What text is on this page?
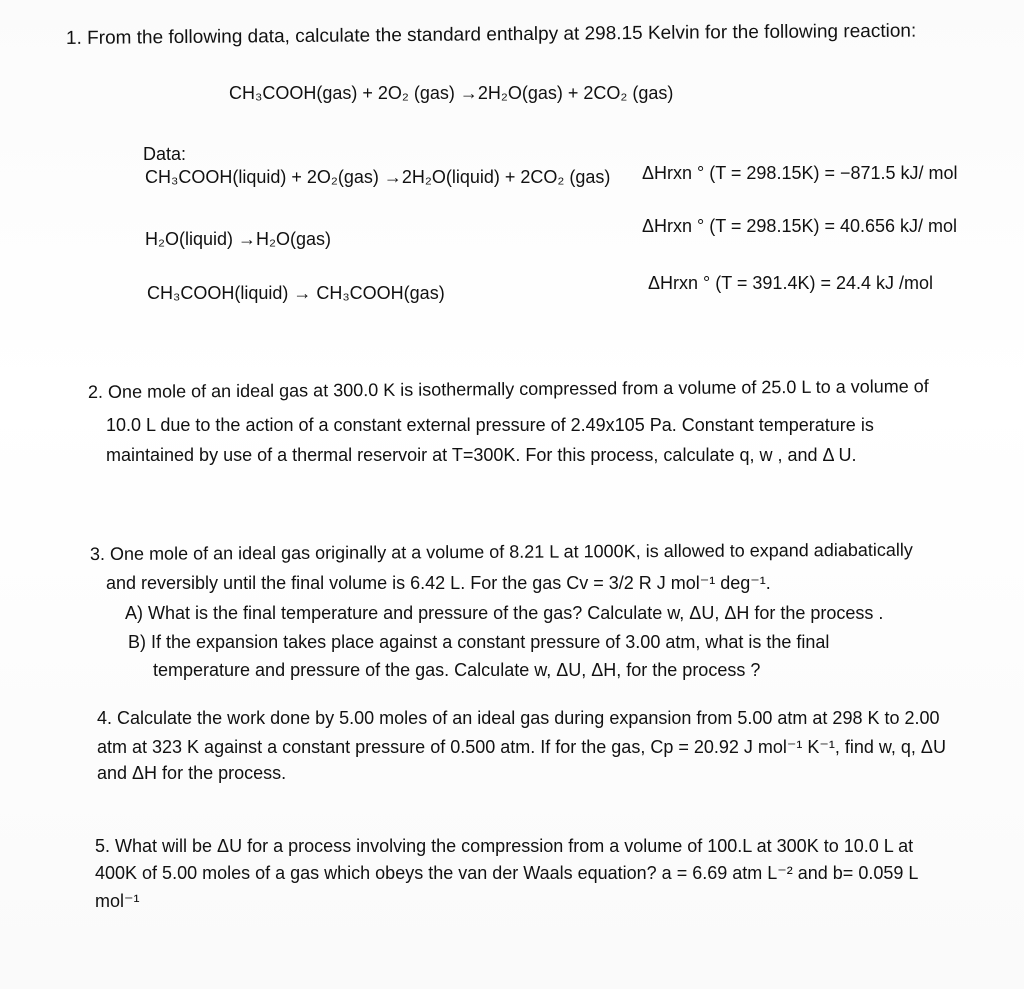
1. From the following data, calculate the standard enthalpy at 298.15 Kelvin for the following reaction:
CH₃COOH(gas) + 2O₂ (gas) →2H₂O(gas) + 2CO₂ (gas)
Data:
CH₃COOH(liquid) + 2O₂(gas) →2H₂O(liquid) + 2CO₂ (gas) ΔHrxn ° (T = 298.15K) = −871.5 kJ/ mol
H₂O(liquid) →H₂O(gas)
ΔHrxn ° (T = 298.15K) = 40.656 kJ/ mol
CH₃COOH(liquid) → CH₃COOH(gas)	ΔHrxn ° (T = 391.4K) = 24.4 kJ /mol
2. One mole of an ideal gas at 300.0 K is isothermally compressed from a volume of 25.0 L to a volume of
10.0 L due to the action of a constant external pressure of 2.49x105 Pa. Constant temperature is
maintained by use of a thermal reservoir at T=300K. For this process, calculate q, w , and Δ U.
3. One mole of an ideal gas originally at a volume of 8.21 L at 1000K, is allowed to expand adiabatically
and reversibly until the final volume is 6.42 L. For the gas Cv = 3/2 R J mol⁻¹ deg⁻¹.
A) What is the final temperature and pressure of the gas? Calculate w, ΔU, ΔH for the process .
B) If the expansion takes place against a constant pressure of 3.00 atm, what is the final
temperature and pressure of the gas. Calculate w, ΔU, ΔH, for the process ?
4. Calculate the work done by 5.00 moles of an ideal gas during expansion from 5.00 atm at 298 K to 2.00
atm at 323 K against a constant pressure of 0.500 atm. If for the gas, Cp = 20.92 J mol⁻¹ K⁻¹, find w, q, ΔU
and ΔH for the process.
5. What will be ΔU for a process involving the compression from a volume of 100.L at 300K to 10.0 L at
400K of 5.00 moles of a gas which obeys the van der Waals equation? a = 6.69 atm L⁻² and b= 0.059 L
mol⁻¹
